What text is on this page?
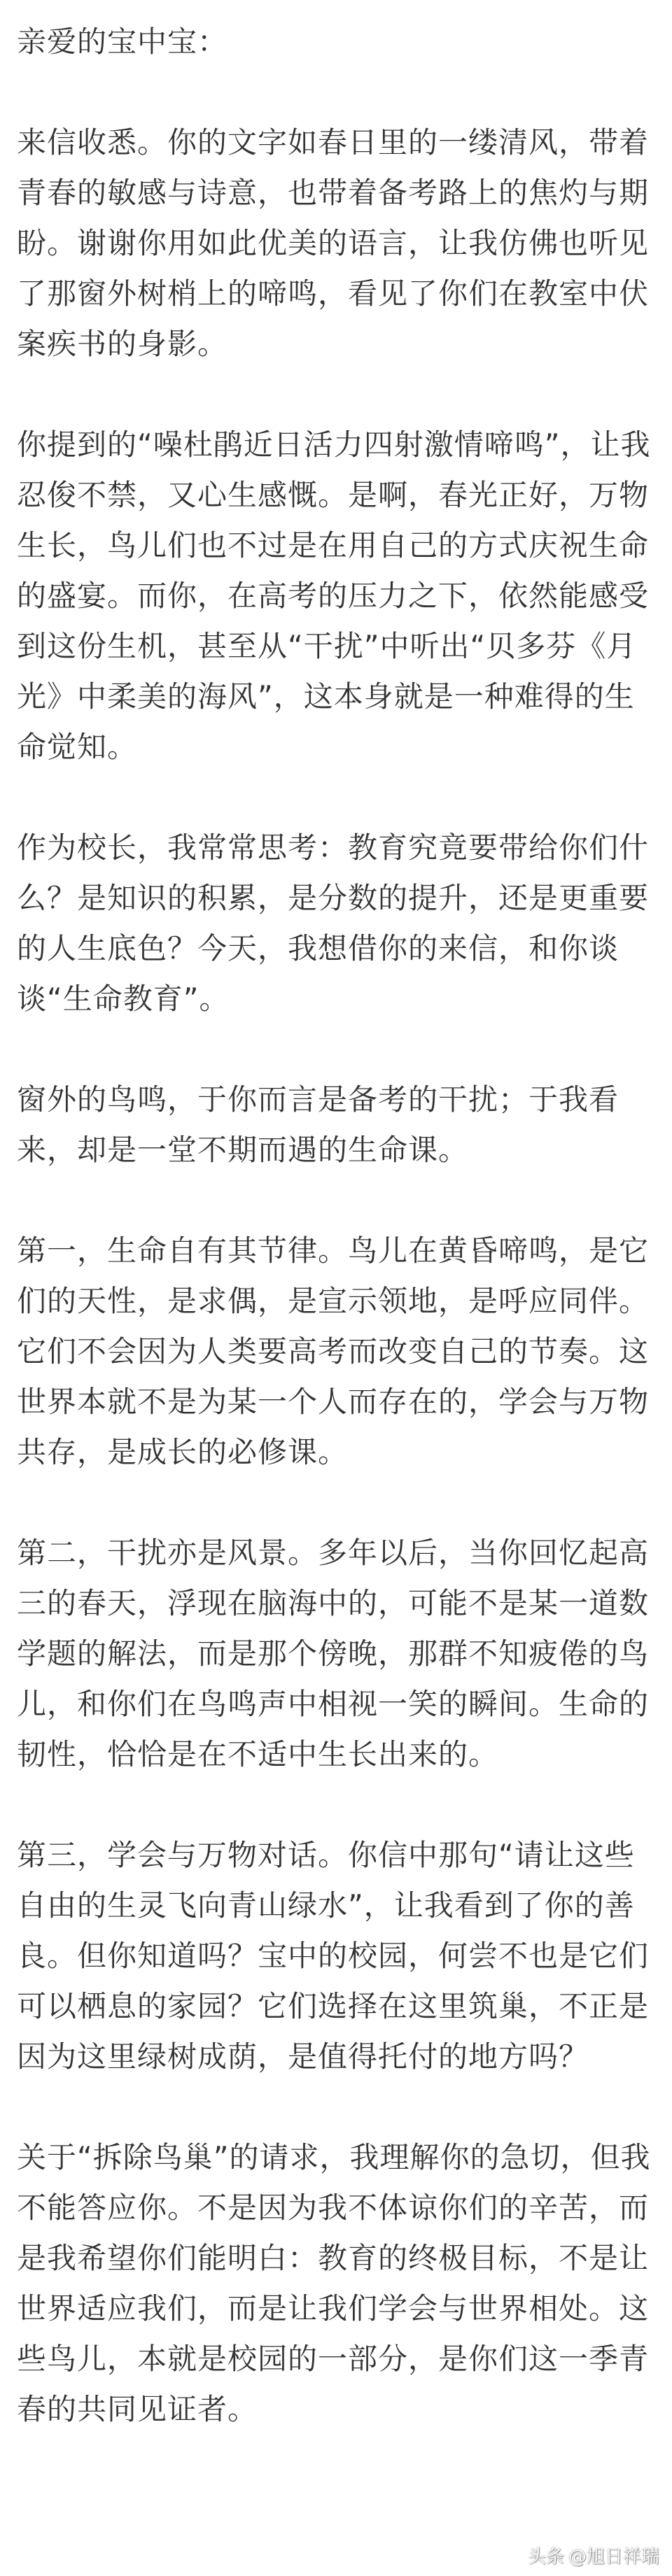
亲爱的宝中宝：

来信收悉。你的文字如春日里的一缕清风，带着青春的敏感与诗意，也带着备考路上的焦灼与期盼。谢谢你用如此优美的语言，让我仿佛也听见了那窗外树梢上的啼鸣，看见了你们在教室中伏案疾书的身影。

你提到的“噪杜鹃近日活力四射激情啼鸣”，让我忍俊不禁，又心生感慨。是啊，春光正好，万物生长，鸟儿们也不过是在用自己的方式庆祝生命的盛宴。而你，在高考的压力之下，依然能感受到这份生机，甚至从“干扰”中听出“贝多芬《月光》中柔美的海风”，这本身就是一种难得的生命觉知。

作为校长，我常常思考：教育究竟要带给你们什么？是知识的积累，是分数的提升，还是更重要的人生底色？今天，我想借你的来信，和你谈谈“生命教育”。

窗外的鸟鸣，于你而言是备考的干扰；于我看来，却是一堂不期而遇的生命课。

第一，生命自有其节律。鸟儿在黄昏啼鸣，是它们的天性，是求偶，是宣示领地，是呼应同伴。它们不会因为人类要高考而改变自己的节奏。这世界本就不是为某一个人而存在的，学会与万物共存，是成长的必修课。

第二，干扰亦是风景。多年以后，当你回忆起高三的春天，浮现在脑海中的，可能不是某一道数学题的解法，而是那个傍晚，那群不知疲倦的鸟儿，和你们在鸟鸣声中相视一笑的瞬间。生命的韧性，恰恰是在不适中生长出来的。

第三，学会与万物对话。你信中那句“请让这些自由的生灵飞向青山绿水”，让我看到了你的善良。但你知道吗？宝中的校园，何尝不也是它们可以栖息的家园？它们选择在这里筑巢，不正是因为这里绿树成荫，是值得托付的地方吗？

关于“拆除鸟巢”的请求，我理解你的急切，但我不能答应你。不是因为我不体谅你们的辛苦，而是我希望你们能明白：教育的终极目标，不是让世界适应我们，而是让我们学会与世界相处。这些鸟儿，本就是校园的一部分，是你们这一季青春的共同见证者。

头条 @旭日祥瑞
